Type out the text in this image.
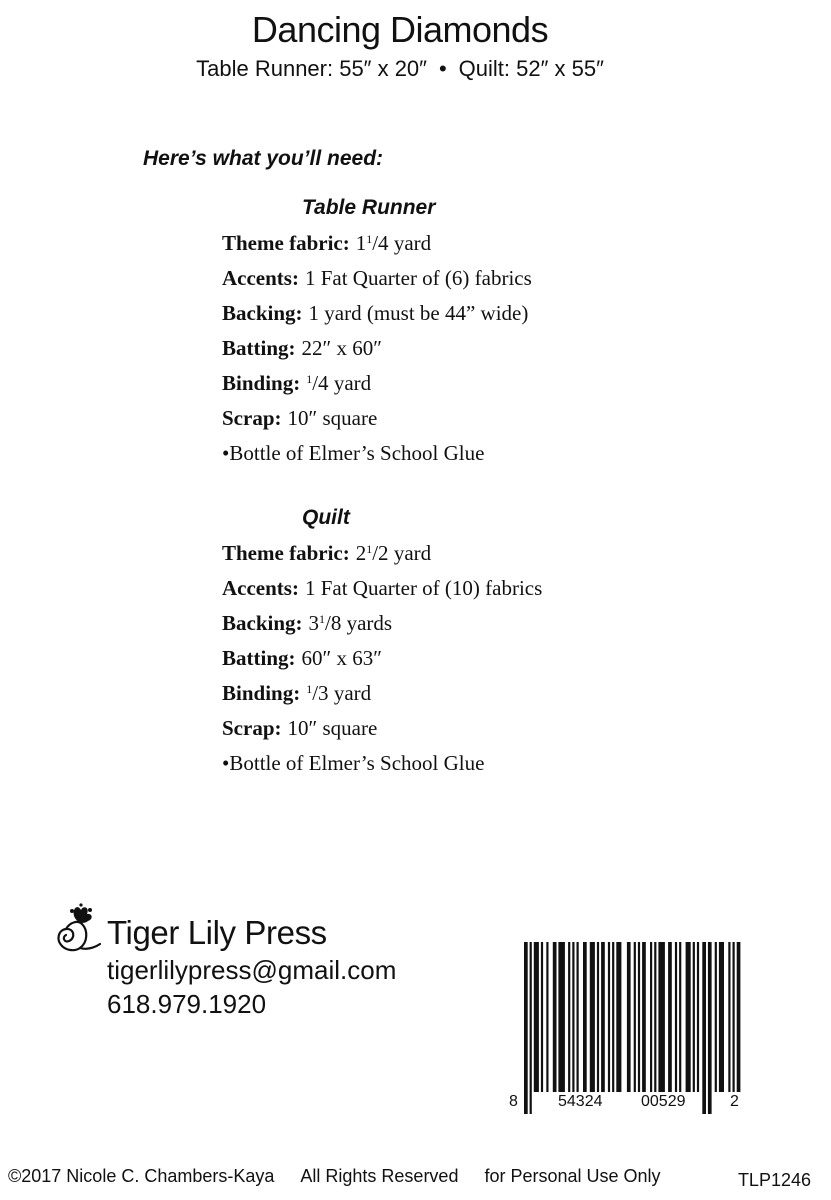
Dancing Diamonds
Table Runner: 55″ x 20″ • Quilt: 52″ x 55″
Here’s what you’ll need:
Table Runner
Theme fabric: $1^1/4$ yard
Accents: 1 Fat Quarter of (6) fabrics
Backing: 1 yard (must be 44” wide)
Batting: 22″ x 60″
Binding: $^1$/4 yard
Scrap: 10″ square
•Bottle of Elmer’s School Glue
Quilt
Theme fabric: $2^1/2$ yard
Accents: 1 Fat Quarter of (10) fabrics
Backing: $3^1/8$ yards
Batting: 60″ x 63″
Binding: $^1$/3 yard
Scrap: 10″ square
•Bottle of Elmer’s School Glue
Tiger Lily Press
tigerlilypress@gmail.com
618.979.1920
8	54324 00529	2
©2017 Nicole C. Chambers-Kaya All Rights Reserved for Personal Use Only	TLP1246
